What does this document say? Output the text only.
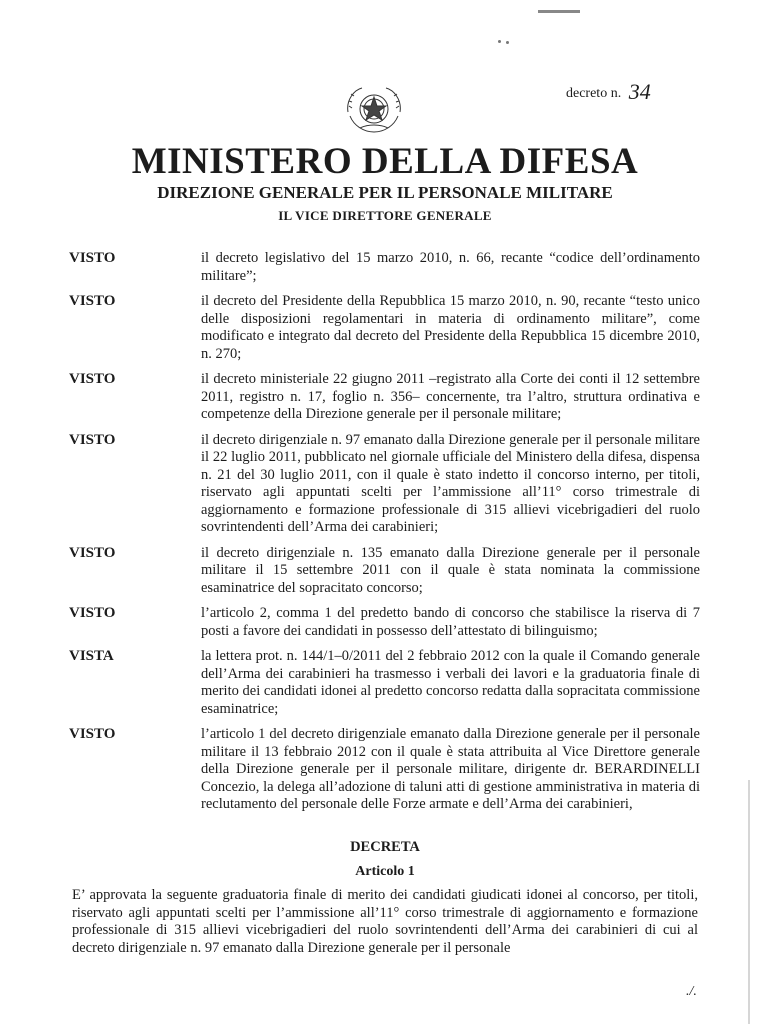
decreto n. 34
MINISTERO DELLA DIFESA
DIREZIONE GENERALE PER IL PERSONALE MILITARE
IL VICE DIRETTORE GENERALE
VISTO	il decreto legislativo del 15 marzo 2010, n. 66, recante “codice dell’ordinamento militare”;
VISTO	il decreto del Presidente della Repubblica 15 marzo 2010, n. 90, recante “testo unico delle disposizioni regolamentari in materia di ordinamento militare”, come modificato e integrato dal decreto del Presidente della Repubblica 15 dicembre 2010, n. 270;
VISTO	il decreto ministeriale 22 giugno 2011 –registrato alla Corte dei conti il 12 settembre 2011, registro n. 17, foglio n. 356– concernente, tra l’altro, struttura ordinativa e competenze della Direzione generale per il personale militare;
VISTO	il decreto dirigenziale n. 97 emanato dalla Direzione generale per il personale militare il 22 luglio 2011, pubblicato nel giornale ufficiale del Ministero della difesa, dispensa n. 21 del 30 luglio 2011, con il quale è stato indetto il concorso interno, per titoli, riservato agli appuntati scelti per l’ammissione all’11° corso trimestrale di aggiornamento e formazione professionale di 315 allievi vicebrigadieri del ruolo sovrintendenti dell’Arma dei carabinieri;
VISTO	il decreto dirigenziale n. 135 emanato dalla Direzione generale per il personale militare il 15 settembre 2011 con il quale è stata nominata la commissione esaminatrice del sopracitato concorso;
VISTO	l’articolo 2, comma 1 del predetto bando di concorso che stabilisce la riserva di 7 posti a favore dei candidati in possesso dell’attestato di bilinguismo;
VISTA	la lettera prot. n. 144/1–0/2011 del 2 febbraio 2012 con la quale il Comando generale dell’Arma dei carabinieri ha trasmesso i verbali dei lavori e la graduatoria finale di merito dei candidati idonei al predetto concorso redatta dalla sopracitata commissione esaminatrice;
VISTO	l’articolo 1 del decreto dirigenziale emanato dalla Direzione generale per il personale militare il 13 febbraio 2012 con il quale è stata attribuita al Vice Direttore generale della Direzione generale per il personale militare, dirigente dr. BERARDINELLI Concezio, la delega all’adozione di taluni atti di gestione amministrativa in materia di reclutamento del personale delle Forze armate e dell’Arma dei carabinieri,
DECRETA
Articolo 1
E’ approvata la seguente graduatoria finale di merito dei candidati giudicati idonei al concorso, per titoli, riservato agli appuntati scelti per l’ammissione all’11° corso trimestrale di aggiornamento e formazione professionale di 315 allievi vicebrigadieri del ruolo sovrintendenti dell’Arma dei carabinieri di cui al decreto dirigenziale n. 97 emanato dalla Direzione generale per il personale
./.
